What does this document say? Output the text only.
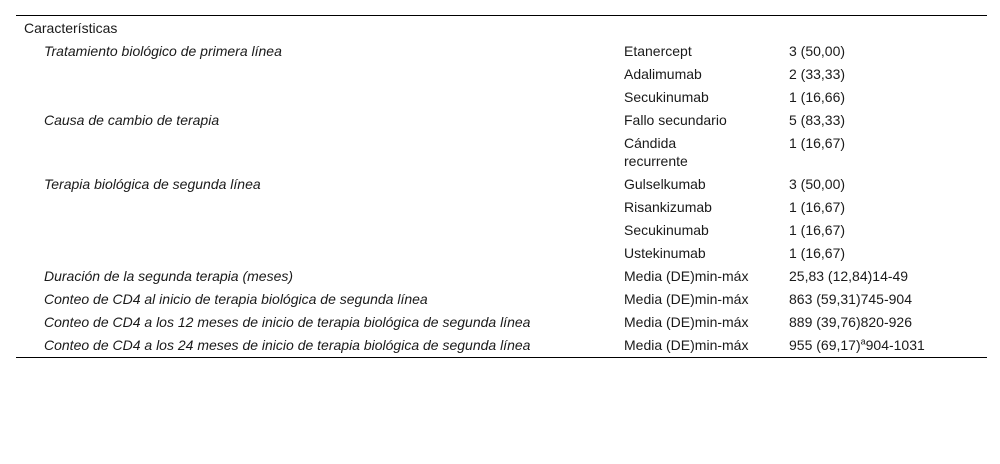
Características		
Tratamiento biológico de primera línea	Etanercept	3 (50,00)
	Adalimumab	2 (33,33)
	Secukinumab	1 (16,66)
Causa de cambio de terapia	Fallo secundario	5 (83,33)
	Cándida recurrente	1 (16,67)
Terapia biológica de segunda línea	Gulselkumab	3 (50,00)
	Risankizumab	1 (16,67)
	Secukinumab	1 (16,67)
	Ustekinumab	1 (16,67)
Duración de la segunda terapia (meses)	Media (DE)min-máx	25,83 (12,84)14-49
Conteo de CD4 al inicio de terapia biológica de segunda línea	Media (DE)min-máx	863 (59,31)745-904
Conteo de CD4 a los 12 meses de inicio de terapia biológica de segunda línea	Media (DE)min-máx	889 (39,76)820-926
Conteo de CD4 a los 24 meses de inicio de terapia biológica de segunda línea	Media (DE)min-máx	955 $(69,17)^a904-1031$
